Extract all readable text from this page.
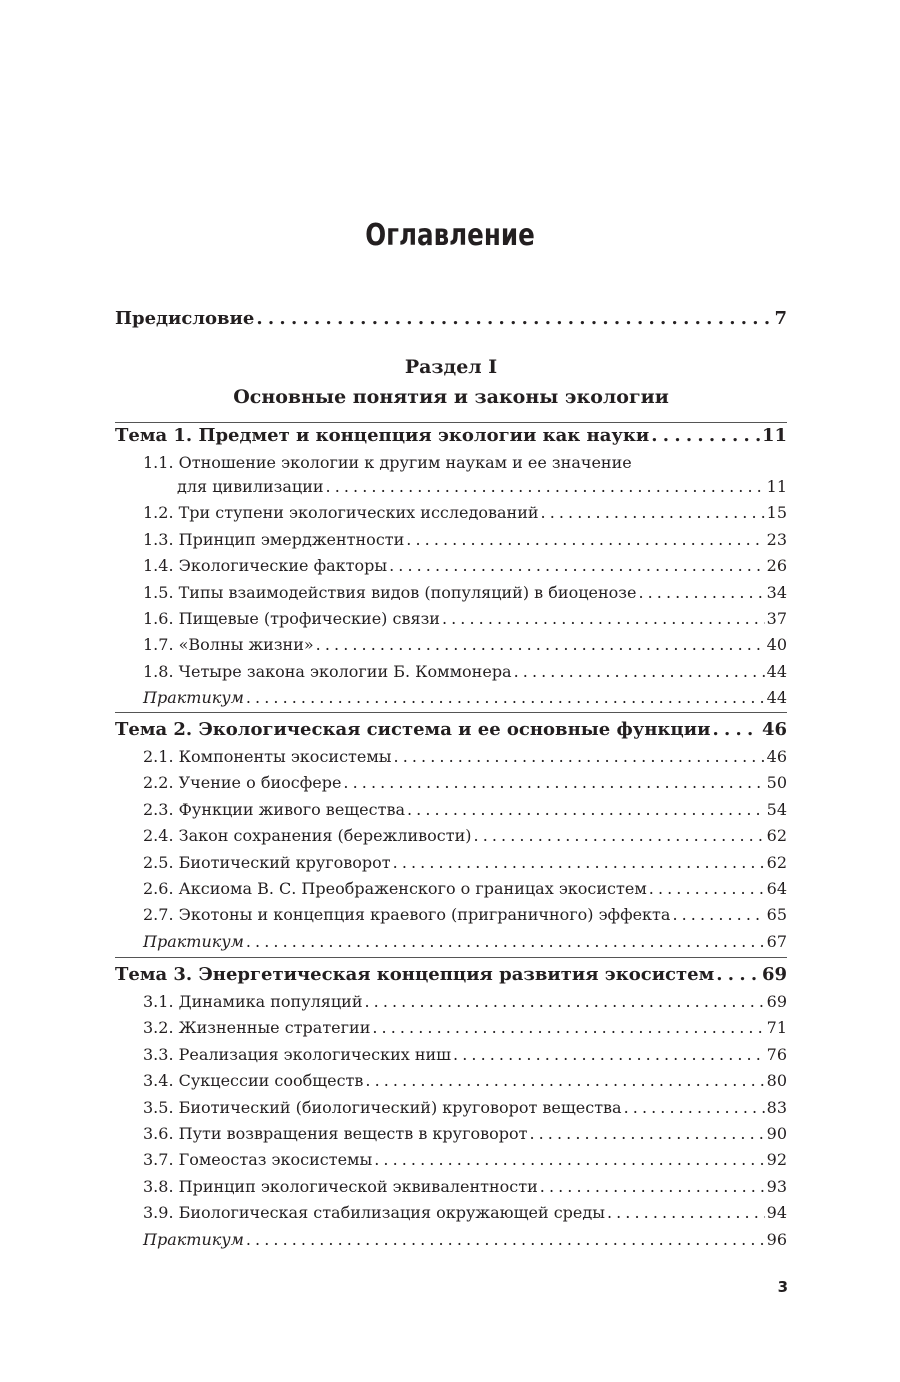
Оглавление
Предисловие . . .	7
Раздел I
Основные понятия и законы экологии
Тема 1. Предмет и концепция экологии как науки . . .	11
1.1. Отношение экологии к другим наукам и ее значение
для цивилизации . . .	11
1.2. Три ступени экологических исследований . . .	15
1.3. Принцип эмерджентности . . .	23
1.4. Экологические факторы . . .	26
1.5. Типы взаимодействия видов (популяций) в биоценозе . . .	34
1.6. Пищевые (трофические) связи . . .	37
1.7. «Волны жизни» . . .	40
1.8. Четыре закона экологии Б. Коммонера . . .	44
Практикум . . .	44
Тема 2. Экологическая система и ее основные функции . . .	46
2.1. Компоненты экосистемы . . .	46
2.2. Учение о биосфере . . .	50
2.3. Функции живого вещества . . .	54
2.4. Закон сохранения (бережливости) . . .	62
2.5. Биотический круговорот . . .	62
2.6. Аксиома В. С. Преображенского о границах экосистем . . .	64
2.7. Экотоны и концепция краевого (приграничного) эффекта . . .	65
Практикум . . .	67
Тема 3. Энергетическая концепция развития экосистем . . .	69
3.1. Динамика популяций . . .	69
3.2. Жизненные стратегии . . .	71
3.3. Реализация экологических ниш . . .	76
3.4. Сукцессии сообществ . . .	80
3.5. Биотический (биологический) круговорот вещества . . .	83
3.6. Пути возвращения веществ в круговорот . . .	90
3.7. Гомеостаз экосистемы . . .	92
3.8. Принцип экологической эквивалентности . . .	93
3.9. Биологическая стабилизация окружающей среды . . .	94
Практикум . . .	96
3
